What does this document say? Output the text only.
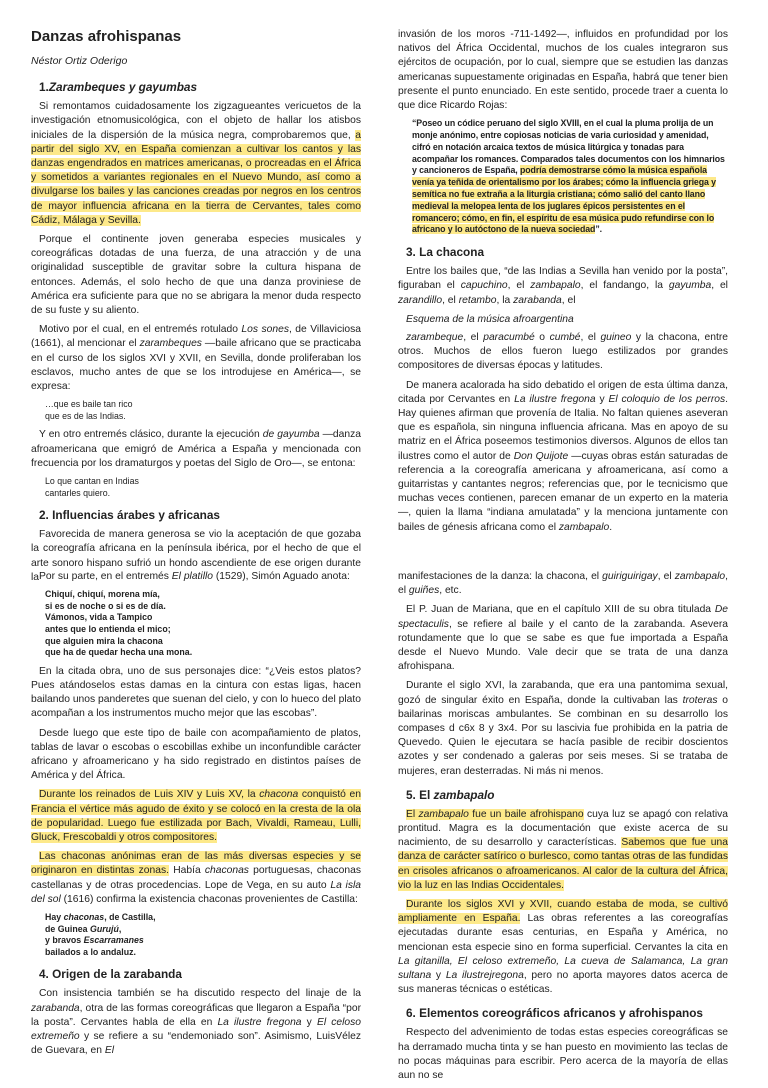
Danzas afrohispanas
Néstor Ortiz Oderigo
1.Zarambeques y gayumbas

Si remontamos cuidadosamente los zigzagueantes vericuetos de la investigación etnomusicológica, con el objeto de hallar los atisbos iniciales de la dispersión de la música negra, comprobaremos que, a partir del siglo XV, en España comienzan a cultivar los cantos y las danzas engendrados en matrices americanas, o procreadas en el África y sometidos a variantes regionales en el Nuevo Mundo, así como a divulgarse los bailes y las canciones creadas por negros en los centros de mayor influencia africana en la tierra de Cervantes, tales como Cádiz, Málaga y Sevilla.

Porque el continente joven generaba especies musicales y coreográficas dotadas de una fuerza, de una atracción y de una originalidad susceptible de gravitar sobre la cultura hispana de entonces. Además, el solo hecho de que una danza proviniese de América era suficiente para que no se abrigara la menor duda respecto de su fuste y su aliento.

Motivo por el cual, en el entremés rotulado Los sones, de Villaviciosa (1661), al mencionar el zarambeques —baile africano que se practicaba en el curso de los siglos XVI y XVII, en Sevilla, donde proliferaban los esclavos, mucho antes de que se los introdujese en América—, se expresa:

…que es baile tan rico
que es de las Indias.

Y en otro entremés clásico, durante la ejecución de gayumba —danza afroamericana que emigró de América a España y mencionada con frecuencia por los dramaturgos y poetas del Siglo de Oro—, se entona:

Lo que cantan en Indias
cantarles quiero.
2. Influencias árabes y africanas

Favorecida de manera generosa se vio la aceptación de que gozaba la coreografía africana en la península ibérica, por el hecho de que el arte sonoro hispano sufrió un hondo ascendiente de ese origen durante la

invasión de los moros -711-1492—, influidos en profundidad por los nativos del África Occidental, muchos de los cuales integraron sus ejércitos de ocupación, por lo cual, siempre que se estudien las danzas americanas supuestamente originadas en España, habrá que tener bien presente el punto enunciado. En este sentido, procede traer a cuenta lo que dice Ricardo Rojas:

“Poseo un códice peruano del siglo XVIII, en el cual la pluma prolija de un monje anónimo, entre copiosas noticias de varia curiosidad y amenidad, cifró en notación arcaica textos de música litúrgica y tonadas para acompañar los romances. Comparados tales documentos con los himnarios y cancioneros de España, podría demostrarse cómo la música española venía ya teñida de orientalismo por los árabes; cómo la influencia griega y semítica no fue extraña a la liturgia cristiana; cómo salió del canto llano medieval la melopea lenta de los juglares épicos persistentes en el romancero; cómo, en fin, el espíritu de esa música pudo refundirse con lo africano y lo autóctono de la nueva sociedad”.
3. La chacona

Entre los bailes que, “de las Indias a Sevilla han venido por la posta”, figuraban el capuchino, el zambapalo, el fandango, la gayumba, el zarandillo, el retambo, la zarabanda, el

Esquema de la música afroargentina

zarambeque, el paracumbé o cumbé, el guineo y la chacona, entre otros. Muchos de ellos fueron luego estilizados por grandes compositores de diversas épocas y latitudes.

De manera acalorada ha sido debatido el origen de esta última danza, citada por Cervantes en La ilustre fregona y El coloquio de los perros. Hay quienes afirman que provenía de Italia. No faltan quienes aseveran que es española, sin ninguna influencia africana. Mas en apoyo de su matriz en el África poseemos testimonios diversos. Algunos de ellos tan ilustres como el autor de Don Quijote —cuyas obras están saturadas de referencia a la coreografía americana y afroamericana, así como a guitarristas y cantantes negros; referencias que, por le tecnicismo que muchas veces contienen, parecen emanar de un experto en la materia—, quien la llama “indiana amulatada” y la menciona juntamente con bailes de génesis africana como el zambapalo.

Por su parte, en el entremés El platillo (1529), Simón Aguado anota:

Chiquí, chiquí, morena mía,
si es de noche o si es de día.
Vámonos, vida a Tampico
antes que lo entienda el mico;
que alguien mira la chacona
que ha de quedar hecha una mona.

En la citada obra, uno de sus personajes dice: “¿Veis estos platos? Pues atándoselos estas damas en la cintura con estas ligas, hacen bailando unos panderetes que suenan del cielo, y con lo hueco del plato acompañan a los instrumentos mucho mejor que las escobas”.

Desde luego que este tipo de baile con acompañamiento de platos, tablas de lavar o escobas o escobillas exhibe un inconfundible carácter africano y afroamericano y ha sido registrado en distintos países de América y del África.

Durante los reinados de Luis XIV y Luis XV, la chacona conquistó en Francia el vértice más agudo de éxito y se colocó en la cresta de la ola de popularidad. Luego fue estilizada por Bach, Vivaldi, Rameau, Lulli, Gluck, Frescobaldi y otros compositores.

Las chaconas anónimas eran de las más diversas especies y se originaron en distintas zonas. Había chaconas portuguesas, chaconas castellanas y de otras procedencias. Lope de Vega, en su auto La isla del sol (1616) confirma la existencia chaconas provenientes de Castilla:

Hay chaconas, de Castilla,
de Guinea Gurujú,
y bravos Escarramanes
bailados a lo andaluz.
4. Origen de la zarabanda

Con insistencia también se ha discutido respecto del linaje de la zarabanda, otra de las formas coreográficas que llegaron a España “por la posta”. Cervantes habla de ella en La ilustre fregona y El celoso extremeño y se refiere a su “endemoniado son”. Asimismo, LuisVélez de Guevara, en El

manifestaciones de la danza: la chacona, el guiriguirigay, el zambapalo, el guiñes, etc.

El P. Juan de Mariana, que en el capítulo XIII de su obra titulada De spectaculis, se refiere al baile y el canto de la zarabanda. Asevera rotundamente que lo que se sabe es que fue importada a España desde el Nuevo Mundo. Vale decir que se trata de una danza afrohispana.

Durante el siglo XVI, la zarabanda, que era una pantomima sexual, gozó de singular éxito en España, donde la cultivaban las troteras o bailarinas moriscas ambulantes. Se combinan en su desarrollo los compases d c6x 8 y 3x4. Por su lascivia fue prohibida en la patria de Quevedo. Quien le ejecutara se hacía pasible de recibir doscientos azotes y ser condenado a galeras por seis meses. Si se trataba de mujeres, eran desterradas. Ni más ni menos.

5. El zambapalo

El zambapalo fue un baile afrohispano cuya luz se apagó con relativa prontitud. Magra es la documentación que existe acerca de su nacimiento, de su desarrollo y características. Sabemos que fue una danza de carácter satírico o burlesco, como tantas otras de las fundidas en crisoles africanos o afroamericanos. Al calor de la cultura del África, vio la luz en las Indias Occidentales.

Durante los siglos XVI y XVII, cuando estaba de moda, se cultivó ampliamente en España. Las obras referentes a las coreografías ejecutadas durante esas centurias, en España y América, no mencionan esta especie sino en forma superficial. Cervantes la cita en La gitanilla, El celoso extremeño, La cueva de Salamanca, La gran sultana y La ilustrejregona, pero no aporta mayores datos acerca de sus maneras técnicas o estéticas.

6. Elementos coreográficos africanos y afrohispanos

Respecto del advenimiento de todas estas especies coreográficas se ha derramado mucha tinta y se han puesto en movimiento las teclas de no pocas máquinas para escribir. Pero acerca de la mayoría de ellas aun no se
